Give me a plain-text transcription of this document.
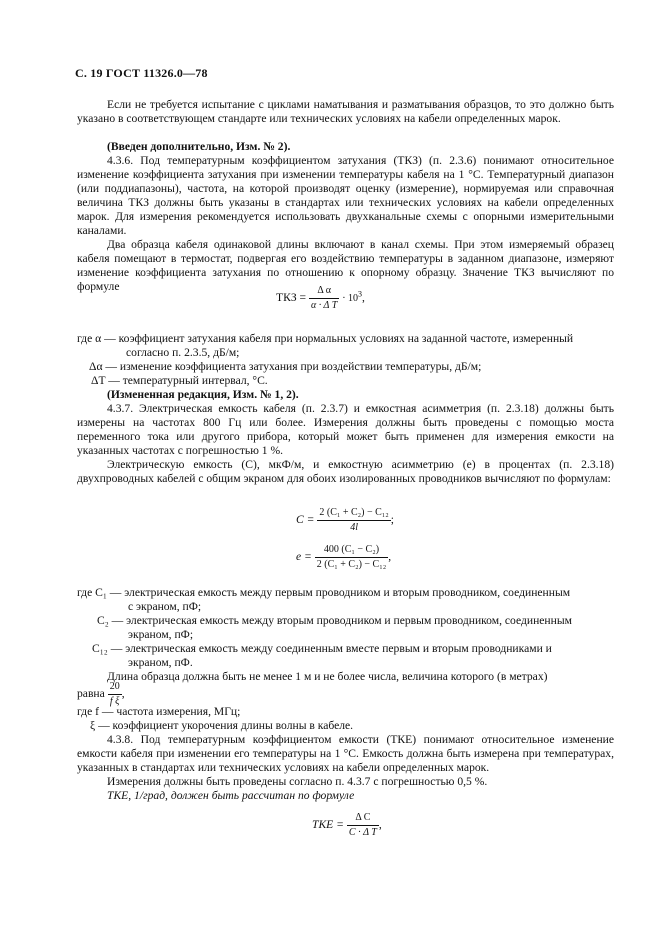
С. 19 ГОСТ 11326.0—78
Если не требуется испытание с циклами наматывания и разматывания образцов, то это должно быть указано в соответствующем стандарте или технических условиях на кабели определенных марок.
(Введен дополнительно, Изм. № 2).
4.3.6. Под температурным коэффициентом затухания (ТКЗ) (п. 2.3.6) понимают относительное изменение коэффициента затухания при изменении температуры кабеля на 1 °С. Температурный диапазон (или поддиапазоны), частота, на которой производят оценку (измерение), нормируемая или справочная величина ТКЗ должны быть указаны в стандартах или технических условиях на кабели определенных марок. Для измерения рекомендуется использовать двухканальные схемы с опорными измерительными каналами.
Два образца кабеля одинаковой длины включают в канал схемы. При этом измеряемый образец кабеля помещают в термостат, подвергая его воздействию температуры в заданном диапазоне, измеряют изменение коэффициента затухания по отношению к опорному образцу. Значение ТКЗ вычисляют по формуле
ТКЗ = $\frac{\text{Δ α}}{\text{α · Δ T}} \cdot 10^3$,
где α — коэффициент затухания кабеля при нормальных условиях на заданной частоте, измеренный
согласно п. 2.3.5, дБ/м;
Δα — изменение коэффициента затухания при воздействии температуры, дБ/м;
ΔT — температурный интервал, °С.
(Измененная редакция, Изм. № 1, 2).
4.3.7. Электрическая емкость кабеля (п. 2.3.7) и емкостная асимметрия (п. 2.3.18) должны быть измерены на частотах 800 Гц или более. Измерения должны быть проведены с помощью моста переменного тока или другого прибора, который может быть применен для измерения емкости на указанных частотах с погрешностью 1 %.
Электрическую емкость (С), мкФ/м, и емкостную асимметрию (е) в процентах (п. 2.3.18) двухпроводных кабелей с общим экраном для обоих изолированных проводников вычисляют по формулам:
$C = \frac{\text{2 (C₁ + C₂) − C₁₂}}{4l}$ ;
$e = \frac{\text{400 (C₁ − C₂)}}{\text{2 (C₁ + C₂) − C₁₂}}$ ,
где C₁ — электрическая емкость между первым проводником и вторым проводником, соединенным
с экраном, пФ;
C₂ — электрическая емкость между вторым проводником и первым проводником, соединенным
экраном, пФ;
C₁₂ — электрическая емкость между соединенным вместе первым и вторым проводниками и
экраном, пФ.
Длина образца должна быть не менее 1 м и не более числа, величина которого (в метрах)
равна $\frac{20}{\text{f ξ}}$ ,
где f — частота измерения, МГц;
ξ — коэффициент укорочения длины волны в кабеле.
4.3.8. Под температурным коэффициентом емкости (ТКЕ) понимают относительное изменение емкости кабеля при изменении его температуры на 1 °С. Емкость должна быть измерена при температурах, указанных в стандартах или технических условиях на кабели определенных марок.
Измерения должны быть проведены согласно п. 4.3.7 с погрешностью 0,5 %.
TKE, 1/град, должен быть рассчитан по формуле
TKE = $\frac{\text{Δ C}}{\text{C · Δ T}}$ ,
